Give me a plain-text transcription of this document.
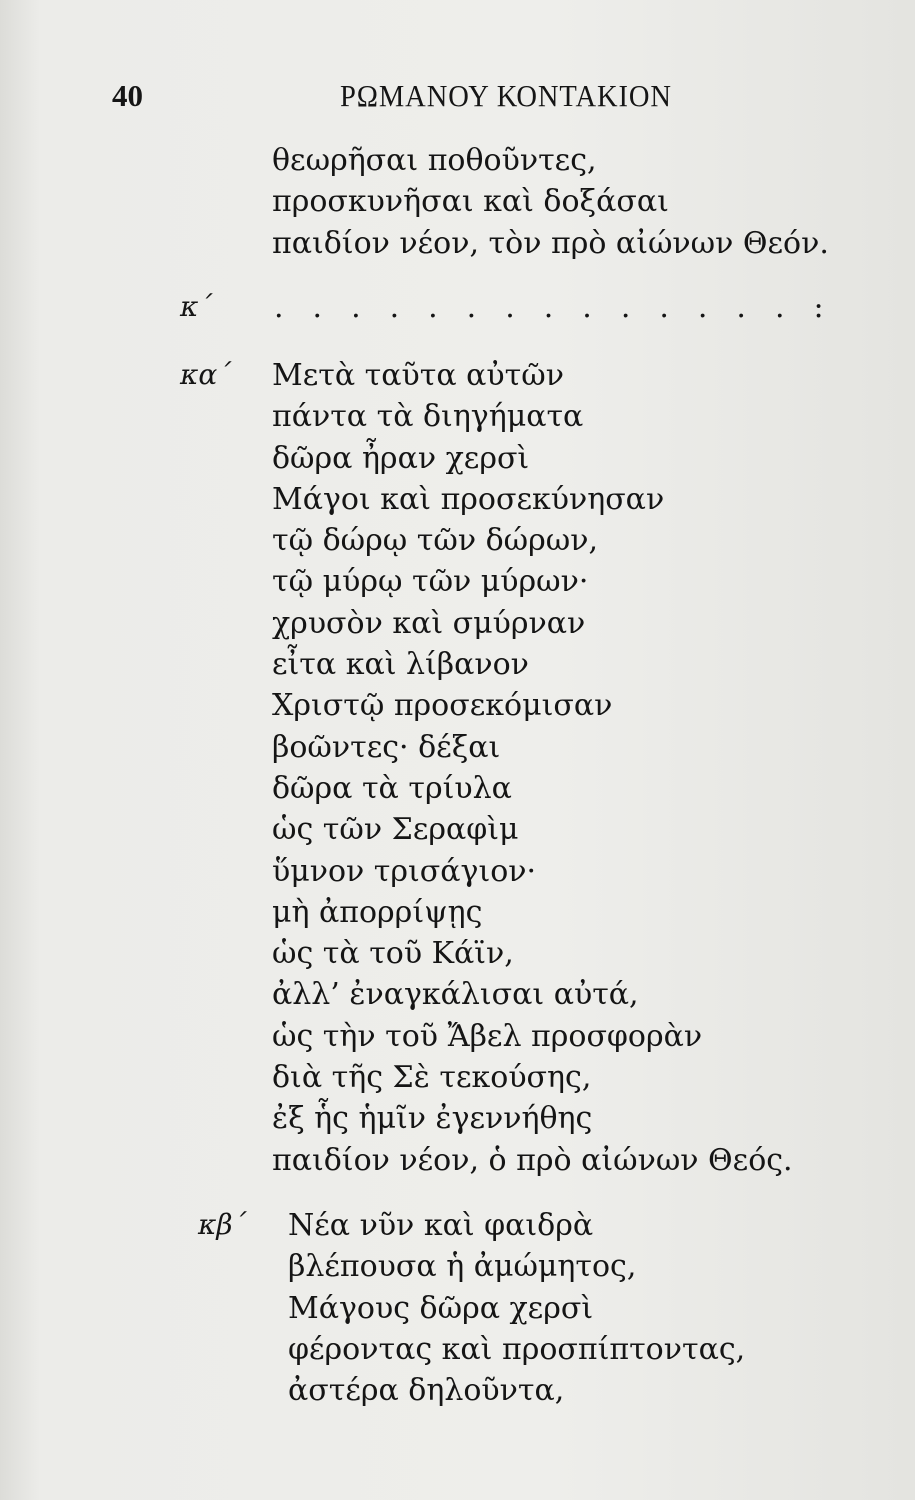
40	ΡΩΜΑΝΟΥ ΚΟΝΤΑΚΙΟΝ
θεωρῆσαι ποθοῦντες,
προσκυνῆσαι καὶ δοξάσαι
παιδίον νέον, τὸν πρὸ αἰώνων Θεόν.
κ΄ ..............:
κα΄ Μετὰ ταῦτα αὐτῶν
πάντα τὰ διηγήματα
δῶρα ἦραν χερσὶ
Μάγοι καὶ προσεκύνησαν
τῷ δώρῳ τῶν δώρων,
τῷ μύρῳ τῶν μύρων·
χρυσὸν καὶ σμύρναν
εἶτα καὶ λίβανον
Χριστῷ προσεκόμισαν
βοῶντες· δέξαι
δῶρα τὰ τρίυλα
ὡς τῶν Σεραφὶμ
ὕμνον τρισάγιον·
μὴ ἀπορρίψῃς
ὡς τὰ τοῦ Κάϊν,
ἀλλ’ ἐναγκάλισαι αὐτά,
ὡς τὴν τοῦ Ἄβελ προσφορὰν
διὰ τῆς Σὲ τεκούσης,
ἐξ ἧς ἡμῖν ἐγεννήθης
παιδίον νέον, ὁ πρὸ αἰώνων Θεός.
κβ΄ Νέα νῦν καὶ φαιδρὰ
βλέπουσα ἡ ἀμώμητος,
Μάγους δῶρα χερσὶ
φέροντας καὶ προσπίπτοντας,
ἀστέρα δηλοῦντα,
